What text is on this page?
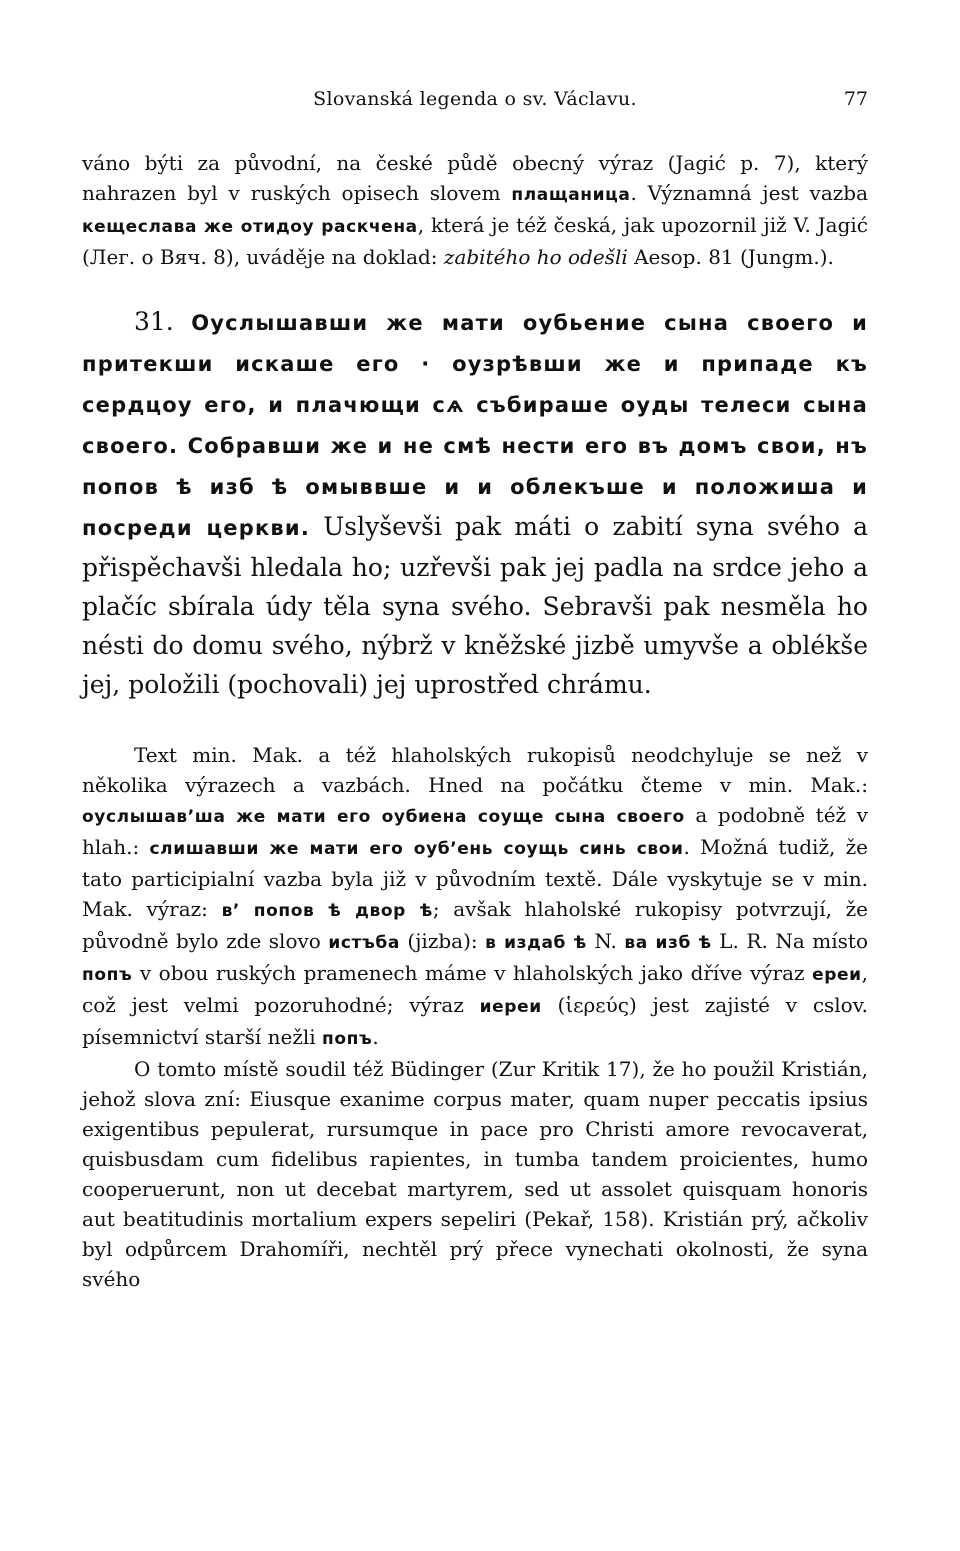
Slovanská legenda o sv. Václavu.	77

váno býti za původní, na české půdě obecný výraz (Jagić p. 7), který nahrazen byl v ruských opisech slovem плащаница. Významná jest vazba кещеслава же отидоу раскчена, která je též česká, jak upozornil již V. Jagić (Лег. о Вяч. 8), uváděje na doklad: zabitého ho odešli Aesop. 81 (Jungm.).

31. Оуслышавши же мати оубьение сына своего и притекши искаше его · оузрѣвши же и припаде къ сердцоу его, и плачющи сѧ събираше оуды телеси сына своего. Собравши же и не смѣ нести его въ домъ свои, нъ попов ѣ изб ѣ омыввше и и облекъше и положиша и посреди церкви. Uslyševši pak máti o zabití syna svého a přispěchavši hledala ho; uzřevši pak jej padla na srdce jeho a plačíc sbírala údy těla syna svého. Sebravši pak nesměla ho nésti do domu svého, nýbrž v kněžské jizbě umyvše a oblékše jej, položili (pochovali) jej uprostřed chrámu.

Text min. Mak. a též hlaholských rukopisů neodchyluje se než v několika výrazech a vazbách. Hned na počátku čteme v min. Mak.: оуслышав’ша же мати его оубиена соуще сына своего a podobně též v hlah.: слишавши же мати его оуб’ень соущь синь свои. Možná tudiž, že tato participialní vazba byla již v původním textě. Dále vyskytuje se v min. Mak. výraz: в’ попов ѣ двор ѣ; avšak hlaholské rukopisy potvrzují, že původně bylo zde slovo истъба (jizba): в издаб ѣ N. ва изб ѣ L. R. Na místo попъ v obou ruských pramenech máme v hlaholských jako dříve výraz ереи, což jest velmi pozoruhodné; výraz иереи (ἱερεύς) jest zajisté v cslov. písemnictví starší nežli попъ.

O tomto místě soudil též Büdinger (Zur Kritik 17), že ho použil Kristián, jehož slova zní: Eiusque exanime corpus mater, quam nuper peccatis ipsius exigentibus pepulerat, rursumque in pace pro Christi amore revocaverat, quisbusdam cum fidelibus rapientes, in tumba tandem proicientes, humo cooperuerunt, non ut decebat martyrem, sed ut assolet quisquam honoris aut beatitudinis mortalium expers sepeliri (Pekař, 158). Kristián prý, ačkoliv byl odpůrcem Drahomíři, nechtěl prý přece vynechati okolnosti, že syna svého
